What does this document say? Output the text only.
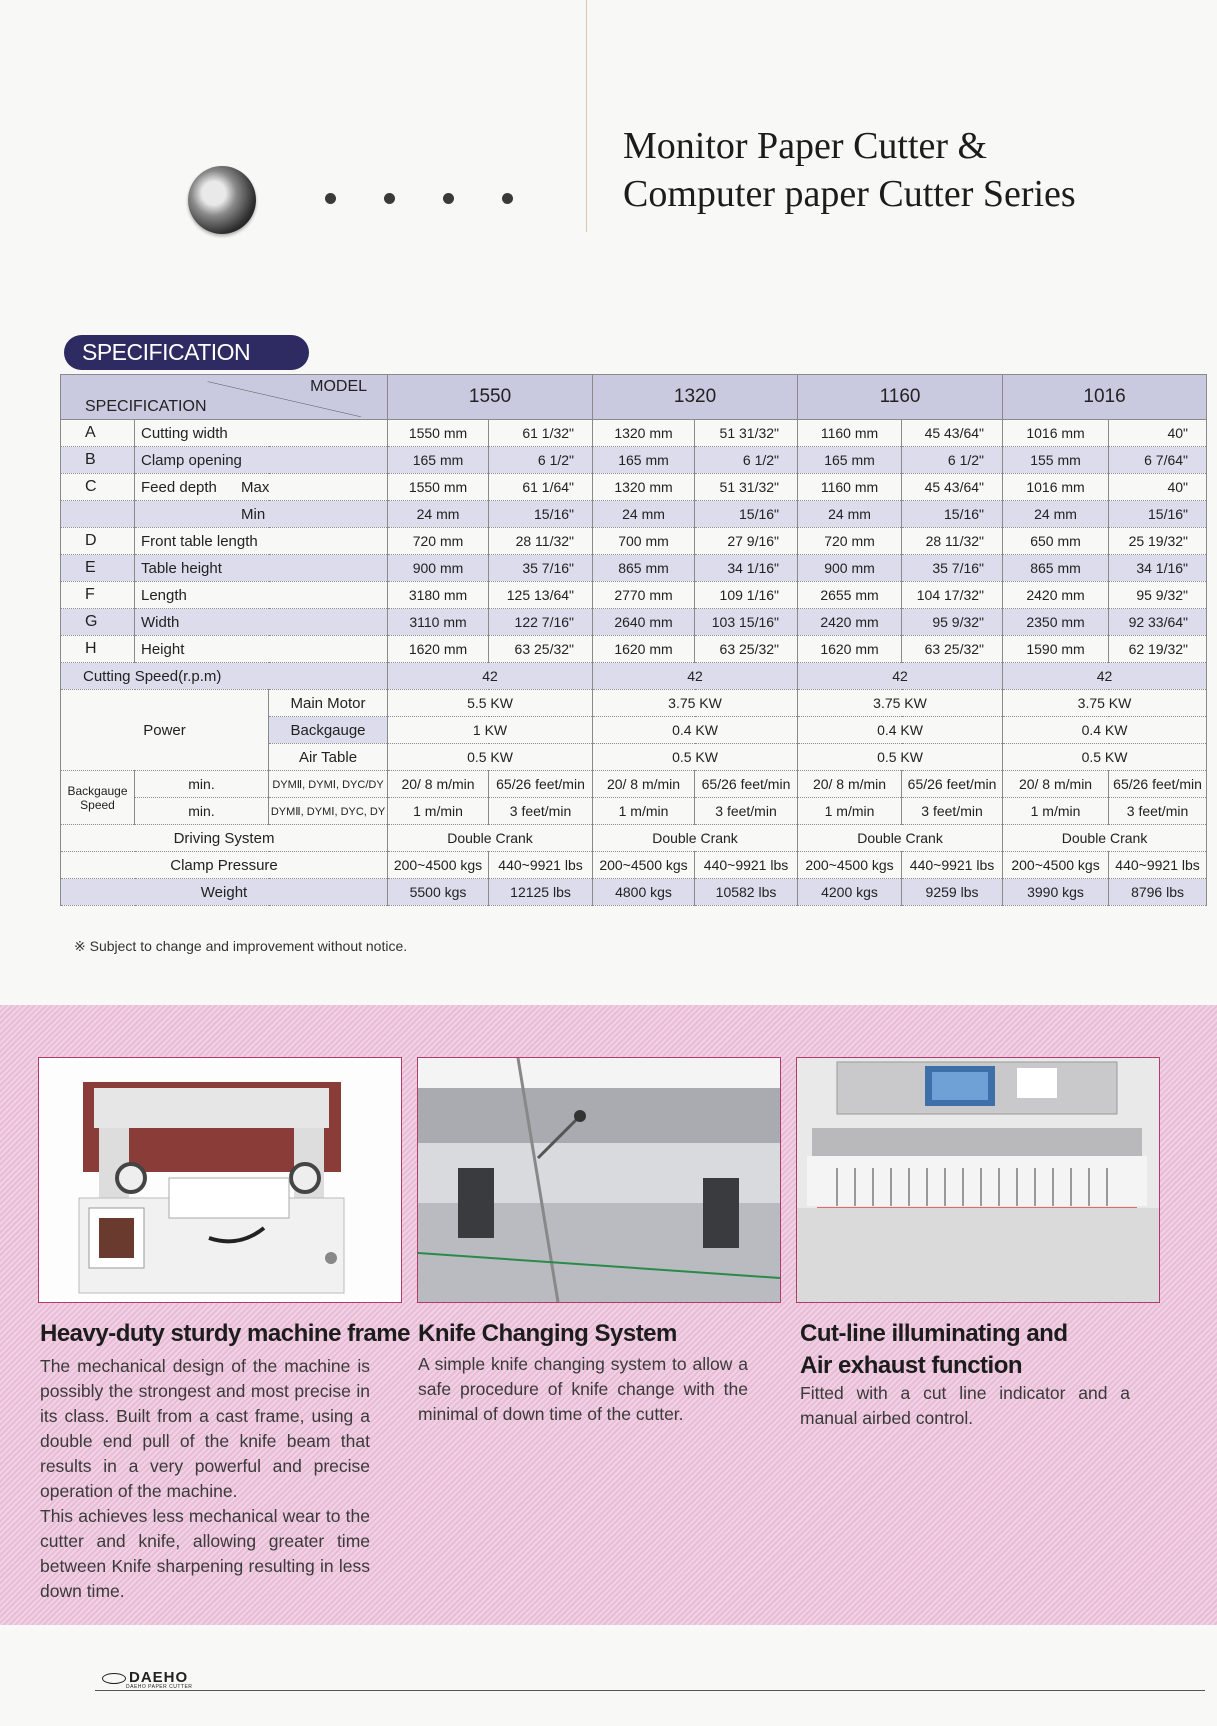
Monitor Paper Cutter &
Computer paper Cutter Series
SPECIFICATION
MODEL
SPECIFICATION			1550		1320		1160		1016	
A	Cutting width		1550 mm	61 1/32"	1320 mm	51 31/32"	1160 mm	45 43/64"	1016 mm	40"
B	Clamp opening		165 mm	6 1/2"	165 mm	6 1/2"	165 mm	6 1/2"	155 mm	6 7/64"
C	Feed depth Max		1550 mm	61 1/64"	1320 mm	51 31/32"	1160 mm	45 43/64"	1016 mm	40"
	Min		24 mm	15/16"	24 mm	15/16"	24 mm	15/16"	24 mm	15/16"
D	Front table length		720 mm	28 11/32"	700 mm	27 9/16"	720 mm	28 11/32"	650 mm	25 19/32"
E	Table height		900 mm	35 7/16"	865 mm	34 1/16"	900 mm	35 7/16"	865 mm	34 1/16"
F	Length		3180 mm	125 13/64"	2770 mm	109 1/16"	2655 mm	104 17/32"	2420 mm	95 9/32"
G	Width		3110 mm	122 7/16"	2640 mm	103 15/16"	2420 mm	95 9/32"	2350 mm	92 33/64"
H	Height		1620 mm	63 25/32"	1620 mm	63 25/32"	1620 mm	63 25/32"	1590 mm	62 19/32"
Cutting Speed(r.p.m)			42		42		42		42	
Power		Main Motor	5.5 KW		3.75 KW		3.75 KW		3.75 KW	
		Backgauge	1 KW		0.4 KW		0.4 KW		0.4 KW	
		Air Table	0.5 KW		0.5 KW		0.5 KW		0.5 KW	

Backgauge
Speed	min.	DYMⅡ, DYMⅠ, DYC/DY	20/ 8 m/min	65/26 feet/min	20/ 8 m/min	65/26 feet/min	20/ 8 m/min	65/26 feet/min	20/ 8 m/min	65/26 feet/min
	min.	DYMⅡ, DYMⅠ, DYC, DY	1 m/min	3 feet/min	1 m/min	3 feet/min	1 m/min	3 feet/min	1 m/min	3 feet/min
Driving System			Double Crank		Double Crank		Double Crank		Double Crank	
Clamp Pressure			200~4500 kgs	440~9921 lbs	200~4500 kgs	440~9921 lbs	200~4500 kgs	440~9921 lbs	200~4500 kgs	440~9921 lbs
Weight			5500 kgs	12125 lbs	4800 kgs	10582 lbs	4200 kgs	9259 lbs	3990 kgs	8796 lbs
※ Subject to change and improvement without notice.
Heavy-duty sturdy machine frame
The mechanical design of the machine is possibly the strongest and most precise in its class. Built from a cast frame, using a double end pull of the knife beam that results in a very powerful and precise operation of the machine.
This achieves less mechanical wear to the cutter and knife, allowing greater time between Knife sharpening resulting in less down time.
Knife Changing System
A simple knife changing system to allow a safe procedure of knife change with the minimal of down time of the cutter.
Cut-line illuminating and
Air exhaust function
Fitted with a cut line indicator and a manual airbed control.
DAEHO
DAEHO PAPER CUTTER
